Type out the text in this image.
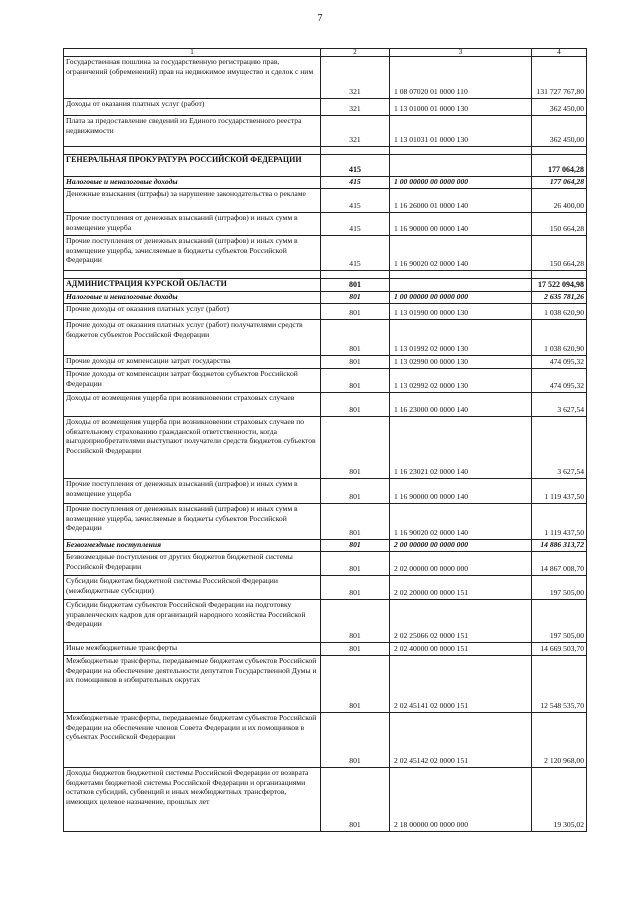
7
1	2	3	4
Государственная пошлина за государственную регистрацию прав, ограничений (обременений) прав на недвижимое имущество и сделок с ним	321	1 08 07020 01 0000 110	131 727 767,80
Доходы от оказания платных услуг (работ)	321	1 13 01000 01 0000 130	362 450,00
Плата за предоставление сведений из Единого государственного реестра недвижимости	321	1 13 01031 01 0000 130	362 450,00

ГЕНЕРАЛЬНАЯ ПРОКУРАТУРА РОССИЙСКОЙ ФЕДЕРАЦИИ	415		177 064,28
Налоговые и неналоговые доходы	415	1 00 00000 00 0000 000	177 064,28
Денежные взыскания (штрафы) за нарушение законодательства о рекламе	415	1 16 26000 01 0000 140	26 400,00
Прочие поступления от денежных взысканий (штрафов) и иных сумм в возмещение ущерба	415	1 16 90000 00 0000 140	150 664,28
Прочие поступления от денежных взысканий (штрафов) и иных сумм в возмещение ущерба, зачисляемые в бюджеты субъектов Российской Федерации	415	1 16 90020 02 0000 140	150 664,28

АДМИНИСТРАЦИЯ КУРСКОЙ ОБЛАСТИ	801		17 522 094,98
Налоговые и неналоговые доходы	801	1 00 00000 00 0000 000	2 635 781,26
Прочие доходы от оказания платных услуг (работ)	801	1 13 01990 00 0000 130	1 038 620,90
Прочие доходы от оказания платных услуг (работ) получателями средств бюджетов субъектов Российской Федерации	801	1 13 01992 02 0000 130	1 038 620,90
Прочие доходы от компенсации затрат государства	801	1 13 02990 00 0000 130	474 095,32
Прочие доходы от компенсации затрат бюджетов субъектов Российской Федерации	801	1 13 02992 02 0000 130	474 095,32
Доходы от возмещения ущерба при возникновении страховых случаев	801	1 16 23000 00 0000 140	3 627,54
Доходы от возмещения ущерба при возникновении страховых случаев по обязательному страхованию гражданской ответственности, когда выгодоприобретателями выступают получатели средств бюджетов субъектов Российской Федерации	801	1 16 23021 02 0000 140	3 627,54
Прочие поступления от денежных взысканий (штрафов) и иных сумм в возмещение ущерба	801	1 16 90000 00 0000 140	1 119 437,50
Прочие поступления от денежных взысканий (штрафов) и иных сумм в возмещение ущерба, зачисляемые в бюджеты субъектов Российской Федерации	801	1 16 90020 02 0000 140	1 119 437,50
Безвозмездные поступления	801	2 00 00000 00 0000 000	14 886 313,72
Безвозмездные поступления от других бюджетов бюджетной системы Российской Федерации	801	2 02 00000 00 0000 000	14 867 008,70
Субсидии бюджетам бюджетной системы Российской Федерации (межбюджетные субсидии)	801	2 02 20000 00 0000 151	197 505,00
Субсидии бюджетам субъектов Российской Федерации на подготовку управленческих кадров для организаций народного хозяйства Российской Федерации	801	2 02 25066 02 0000 151	197 505,00
Иные межбюджетные трансферты	801	2 02 40000 00 0000 151	14 669 503,70
Межбюджетные трансферты, передаваемые бюджетам субъектов Российской Федерации на обеспечение деятельности депутатов Государственной Думы и их помощников в избирательных округах	801	2 02 45141 02 0000 151	12 548 535,70
Межбюджетные трансферты, передаваемые бюджетам субъектов Российской Федерации на обеспечение членов Совета Федерации и их помощников в субъектах Российской Федерации	801	2 02 45142 02 0000 151	2 120 968,00
Доходы бюджетов бюджетной системы Российской Федерации от возврата бюджетами бюджетной системы Российской Федерации и организациями остатков субсидий, субвенций и иных межбюджетных трансфертов, имеющих целевое назначение, прошлых лет	801	2 18 00000 00 0000 000	19 305,02
